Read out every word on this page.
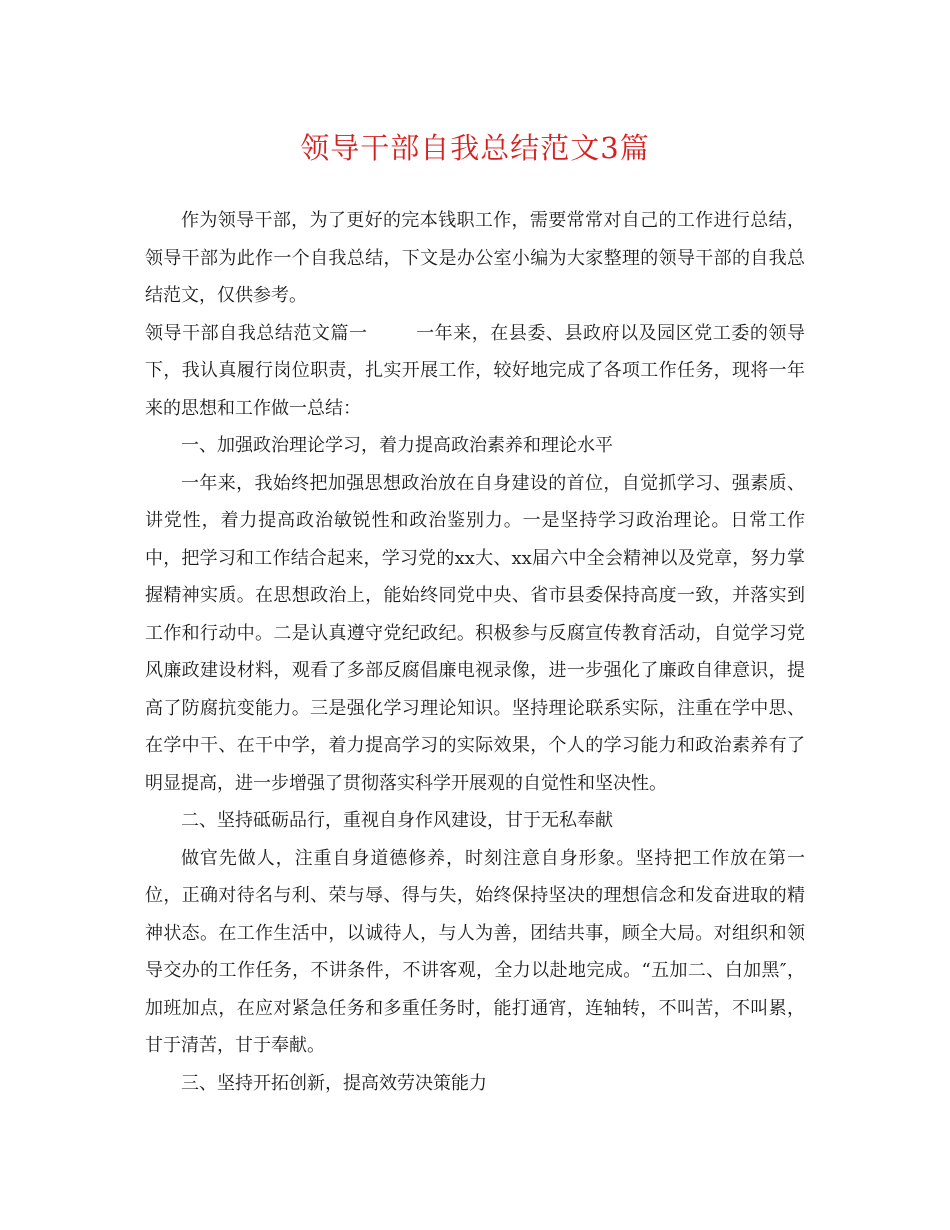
领导干部自我总结范文3篇

作为领导干部，为了更好的完本钱职工作，需要常常对自己的工作进行总结，领导干部为此作一个自我总结，下文是办公室小编为大家整理的领导干部的自我总结范文，仅供参考。

领导干部自我总结范文篇一	一年来，在县委、县政府以及园区党工委的领导下，我认真履行岗位职责，扎实开展工作，较好地完成了各项工作任务，现将一年来的思想和工作做一总结：

一、加强政治理论学习，着力提高政治素养和理论水平

一年来，我始终把加强思想政治放在自身建设的首位，自觉抓学习、强素质、讲党性，着力提高政治敏锐性和政治鉴别力。一是坚持学习政治理论。日常工作中，把学习和工作结合起来，学习党的xx大、xx届六中全会精神以及党章，努力掌握精神实质。在思想政治上，能始终同党中央、省市县委保持高度一致，并落实到工作和行动中。二是认真遵守党纪政纪。积极参与反腐宣传教育活动，自觉学习党风廉政建设材料，观看了多部反腐倡廉电视录像，进一步强化了廉政自律意识，提高了防腐抗变能力。三是强化学习理论知识。坚持理论联系实际，注重在学中思、在学中干、在干中学，着力提高学习的实际效果，个人的学习能力和政治素养有了明显提高，进一步增强了贯彻落实科学开展观的自觉性和坚决性。

二、坚持砥砺品行，重视自身作风建设，甘于无私奉献

做官先做人，注重自身道德修养，时刻注意自身形象。坚持把工作放在第一位，正确对待名与利、荣与辱、得与失，始终保持坚决的理想信念和发奋进取的精神状态。在工作生活中，以诚待人，与人为善，团结共事，顾全大局。对组织和领导交办的工作任务，不讲条件，不讲客观，全力以赴地完成。“五加二、白加黑″，加班加点，在应对紧急任务和多重任务时，能打通宵，连轴转，不叫苦，不叫累，甘于清苦，甘于奉献。

三、坚持开拓创新，提高效劳决策能力
